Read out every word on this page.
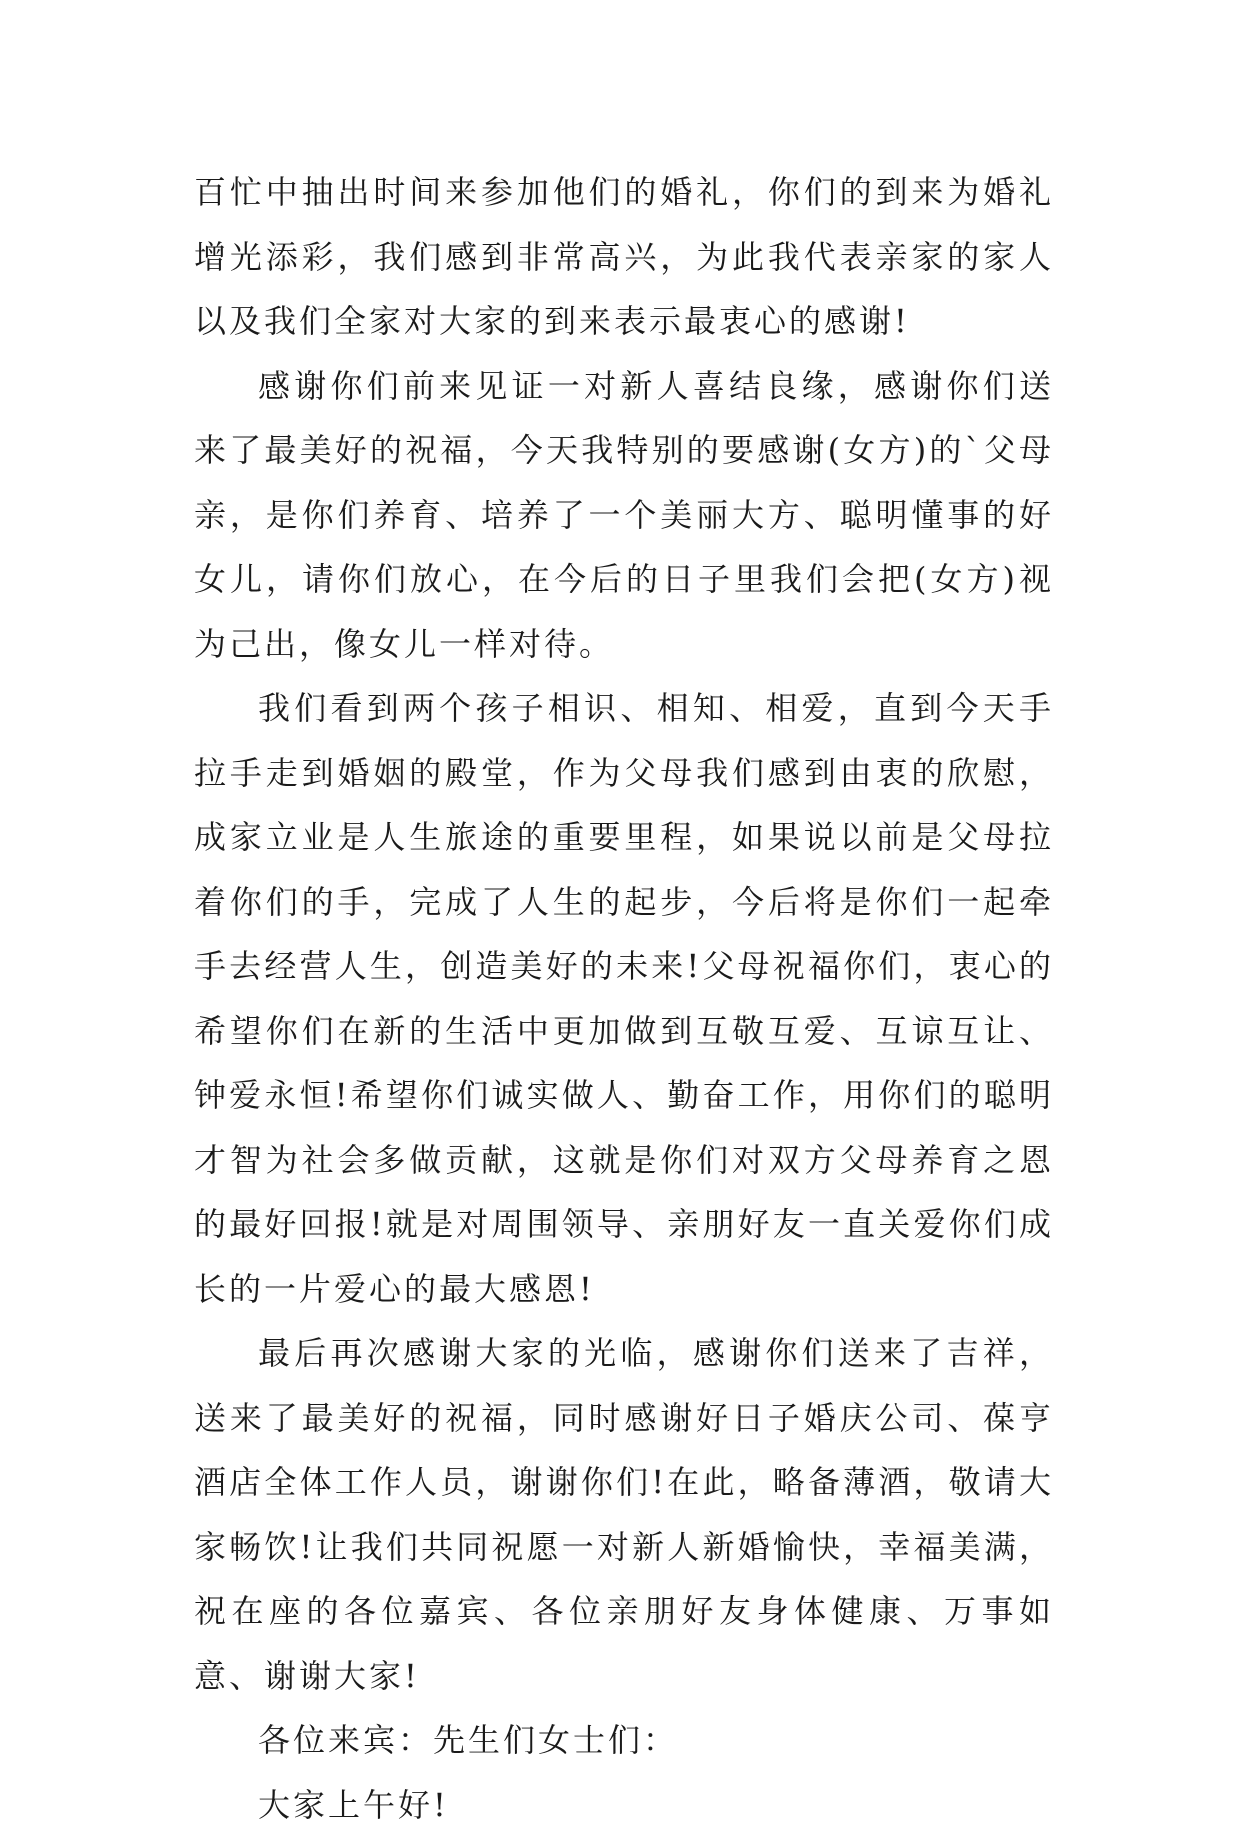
百忙中抽出时间来参加他们的婚礼，你们的到来为婚礼增光添彩，我们感到非常高兴，为此我代表亲家的家人以及我们全家对大家的到来表示最衷心的感谢!

感谢你们前来见证一对新人喜结良缘，感谢你们送来了最美好的祝福，今天我特别的要感谢(女方)的`父母亲，是你们养育、培养了一个美丽大方、聪明懂事的好女儿，请你们放心，在今后的日子里我们会把(女方)视为己出，像女儿一样对待。

我们看到两个孩子相识、相知、相爱，直到今天手拉手走到婚姻的殿堂，作为父母我们感到由衷的欣慰，成家立业是人生旅途的重要里程，如果说以前是父母拉着你们的手，完成了人生的起步，今后将是你们一起牵手去经营人生，创造美好的未来!父母祝福你们，衷心的希望你们在新的生活中更加做到互敬互爱、互谅互让、钟爱永恒!希望你们诚实做人、勤奋工作，用你们的聪明才智为社会多做贡献，这就是你们对双方父母养育之恩的最好回报!就是对周围领导、亲朋好友一直关爱你们成长的一片爱心的最大感恩!

最后再次感谢大家的光临，感谢你们送来了吉祥，送来了最美好的祝福，同时感谢好日子婚庆公司、葆亨酒店全体工作人员，谢谢你们!在此，略备薄酒，敬请大家畅饮!让我们共同祝愿一对新人新婚愉快，幸福美满，祝在座的各位嘉宾、各位亲朋好友身体健康、万事如意、谢谢大家!

各位来宾：先生们女士们：

大家上午好!
